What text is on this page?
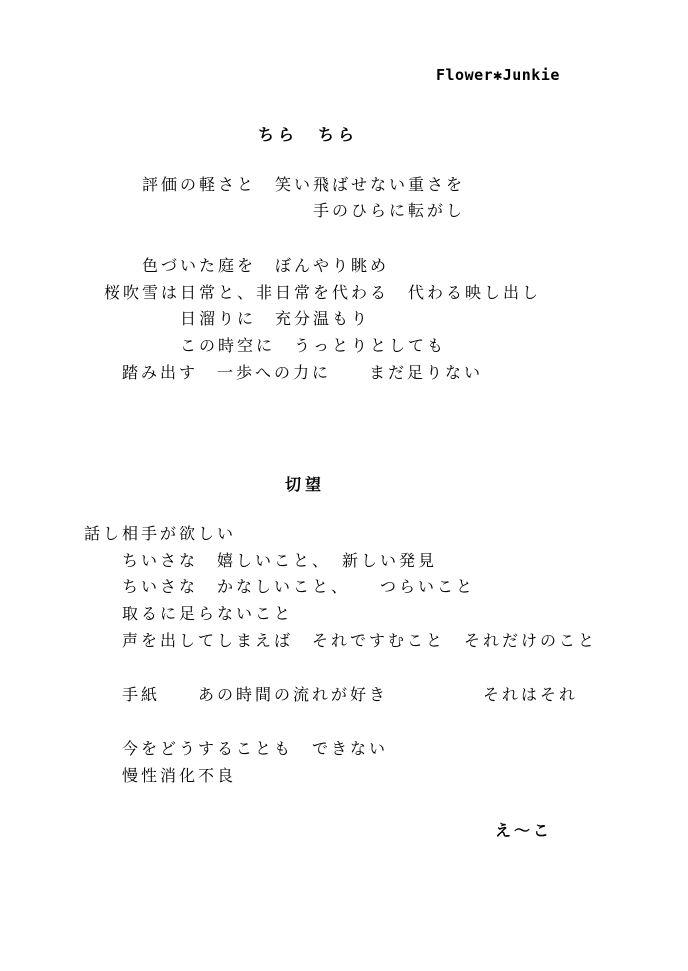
Flower✱Junkie
ちら　ちら
評価の軽さと　笑い飛ばせない重さを
手のひらに転がし
色づいた庭を　ぼんやり眺め
桜吹雪は日常と、非日常を代わる　代わる映し出し
日溜りに　充分温もり
この時空に　うっとりとしても
踏み出す　一歩への力に　　まだ足りない
切望
話し相手が欲しい
ちいさな　嬉しいこと、　新しい発見
ちいさな　かなしいこと、　　つらいこと
取るに足らないこと
声を出してしまえば　それですむこと　それだけのこと
手紙　　あの時間の流れが好き　　　　　それはそれ
今をどうすることも　できない
慢性消化不良
え〜こ
